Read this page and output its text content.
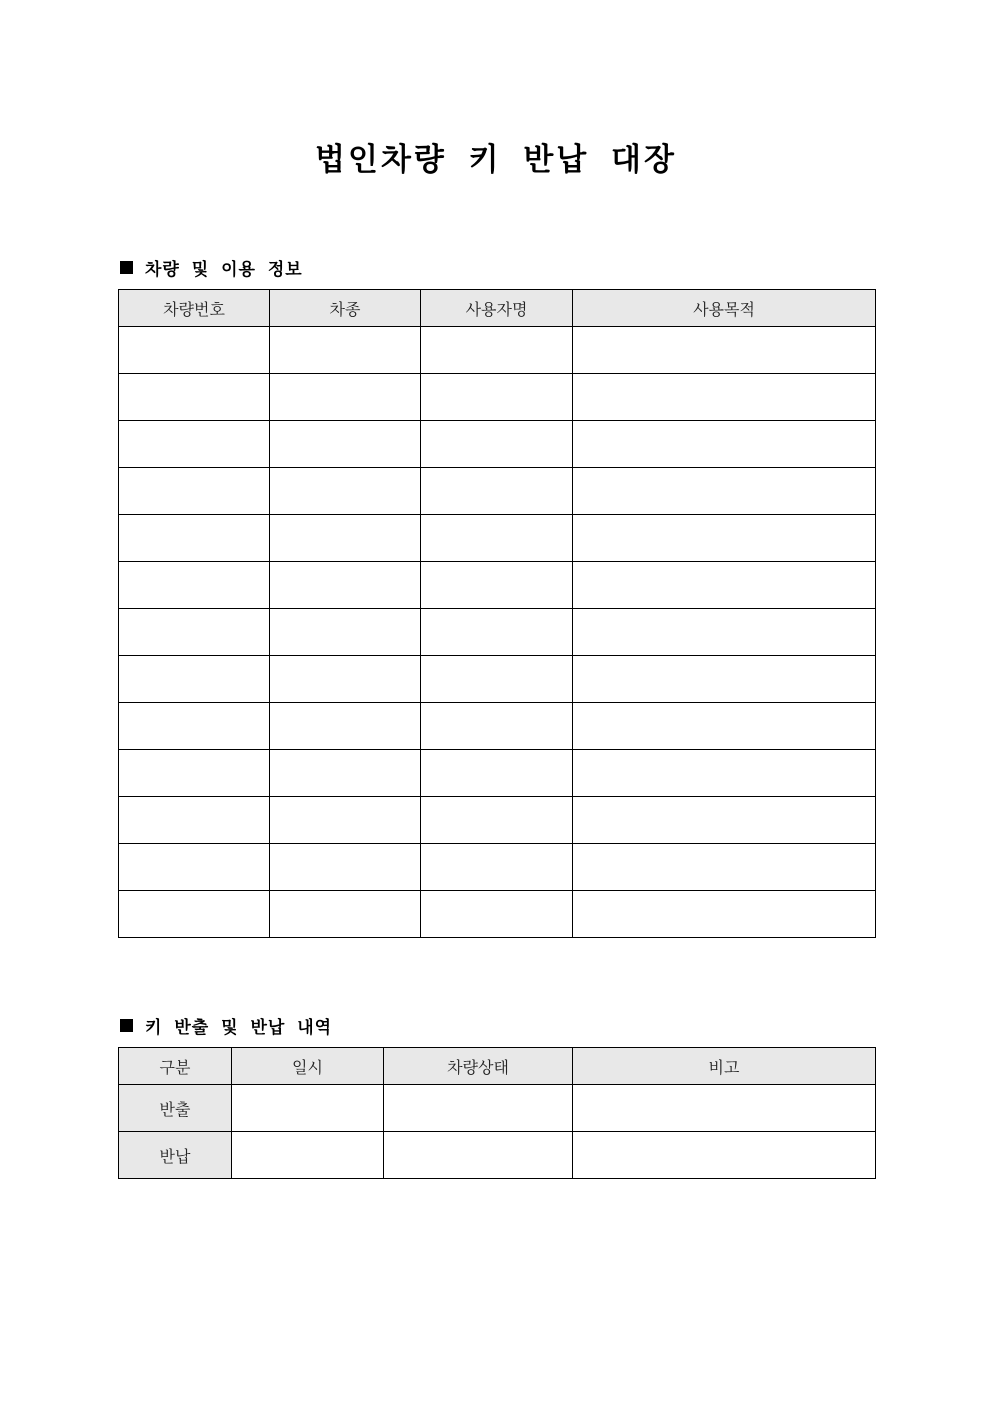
법인차량 키 반납 대장
차량 및 이용 정보
차량번호	차종	사용자명	사용목적

키 반출 및 반납 내역
구분	일시	차량상태	비고
반출			
반납			
